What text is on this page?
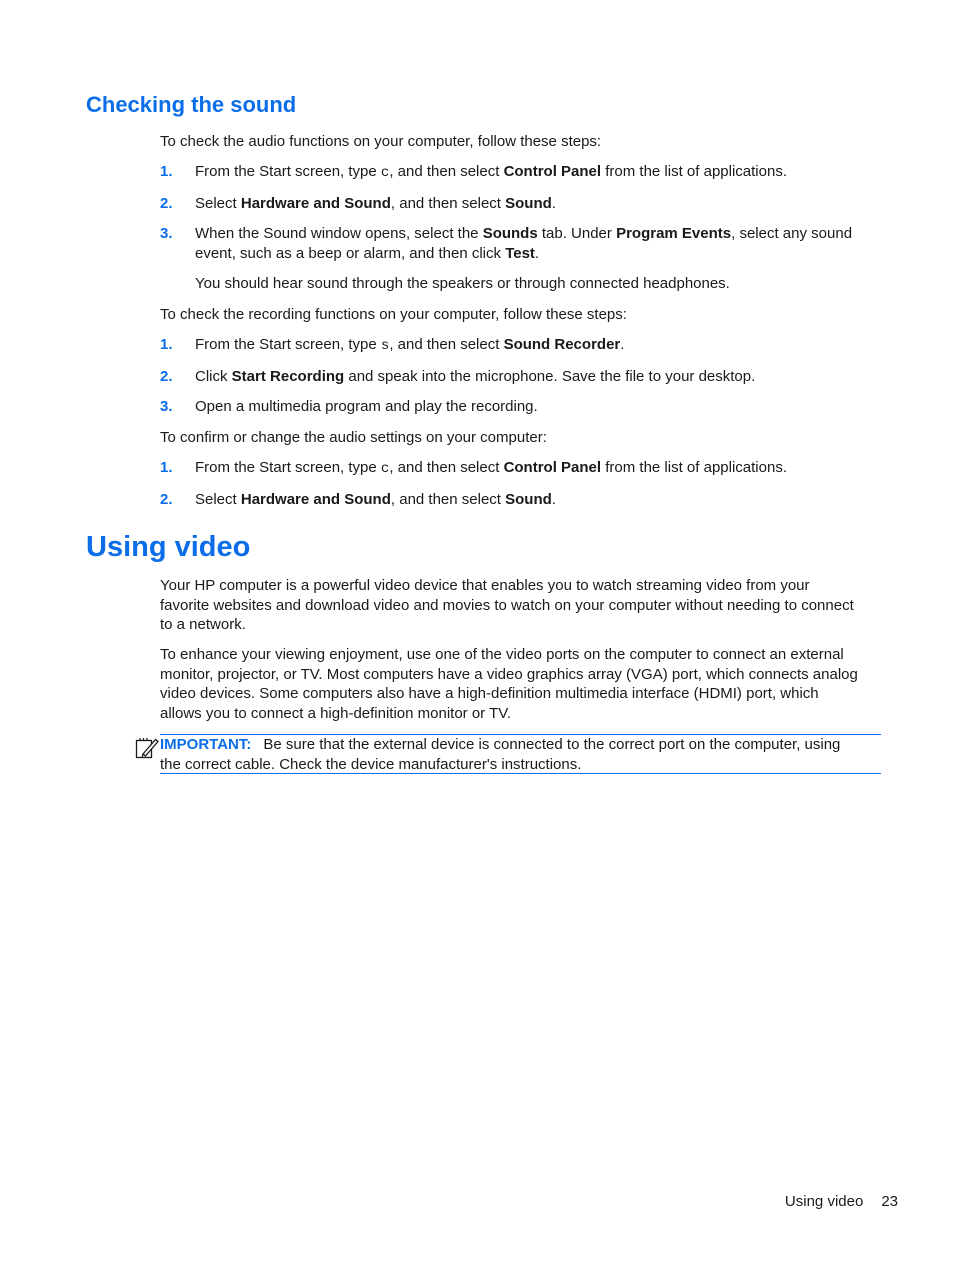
Checking the sound

To check the audio functions on your computer, follow these steps:

1.	From the Start screen, type c, and then select Control Panel from the list of applications.

2.	Select Hardware and Sound, and then select Sound.

3.	When the Sound window opens, select the Sounds tab. Under Program Events, select any sound event, such as a beep or alarm, and then click Test.

You should hear sound through the speakers or through connected headphones.

To check the recording functions on your computer, follow these steps:

1.	From the Start screen, type s, and then select Sound Recorder.

2.	Click Start Recording and speak into the microphone. Save the file to your desktop.

3.	Open a multimedia program and play the recording.

To confirm or change the audio settings on your computer:

1.	From the Start screen, type c, and then select Control Panel from the list of applications.

2.	Select Hardware and Sound, and then select Sound.

Using video

Your HP computer is a powerful video device that enables you to watch streaming video from your favorite websites and download video and movies to watch on your computer without needing to connect to a network.

To enhance your viewing enjoyment, use one of the video ports on the computer to connect an external monitor, projector, or TV. Most computers have a video graphics array (VGA) port, which connects analog video devices. Some computers also have a high-definition multimedia interface (HDMI) port, which allows you to connect a high-definition monitor or TV.

IMPORTANT: Be sure that the external device is connected to the correct port on the computer, using the correct cable. Check the device manufacturer's instructions.

Using video 23
